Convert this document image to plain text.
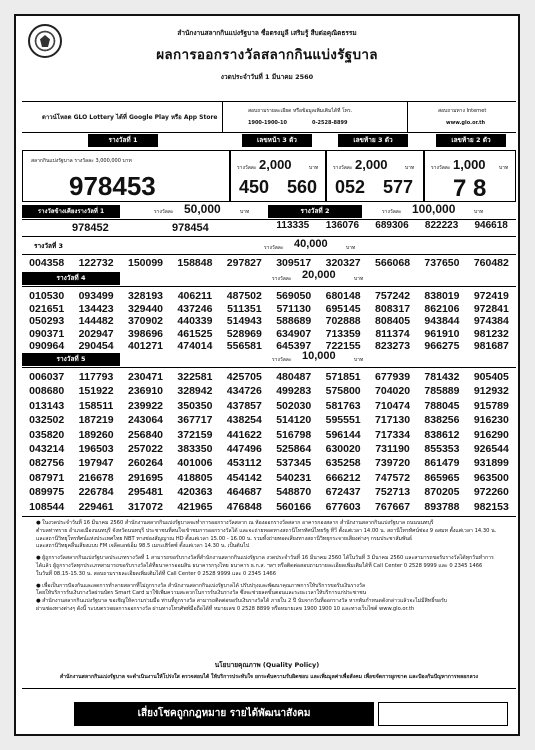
สำนักงานสลากกินแบ่งรัฐบาล ซื่อตรงมูลี เสริมรู้ สืบต่อคุณิตธรรม
ผลการออกรางวัลสลากกินแบ่งรัฐบาล
งวดประจำวันที่ 1 มีนาคม 2560
ดาวน์โหลด GLO Lottery ได้ที่ Google Play หรือ App Store
สอบถามรายละเอียด หรือข้อมูลเพิ่มเติมได้ที่ โทร.
1900-1900-10	0-2528-8899
สอบถามทาง Internet
www.glo.or.th
รางวัลที่ 1	เลขหน้า 3 ตัว	เลขท้าย 3 ตัว	เลขท้าย 2 ตัว
สลากกินแบ่งรัฐบาล รางวัลละ 3,000,000 บาท
978453
รางวัลละ 2,000	บาท
450 560
รางวัลละ 2,000	บาท
052 577
รางวัลละ 1,000	บาท
7 8
รางวัลข้างเคียงรางวัลที่ 1	รางวัลละ 50,000	บาท	รางวัลที่ 2	รางวัลละ 100,000	บาท
978452	978454	113335	136076	689306	822223	946618
รางวัลที่ 3	รางวัลละ 40,000	บาท
004358	122732	150099	158848	297827	309517	320327	566068	737650	760482
รางวัลที่ 4	รางวัลละ 20,000	บาท
010530	093499	328193	406211	487502	569050	680148	757242	838019	972419
021651	134423	329440	437246	511351	571130	695145	808317	862106	972841
050293	144482	370902	440339	514943	588689	702888	808405	943844	974384
090371	202947	398696	461525	528969	634907	713359	811374	961910	981232
090964	290454	401271	474014	556581	645397	722155	823273	966275	981687
รางวัลที่ 5	รางวัลละ 10,000	บาท
006037	117793	230471	322581	425705	480487	571851	677939	781432	905405
008680	151922	236910	328942	434726	499283	575800	704020	785889	912932
013143	158511	239922	350350	437857	502030	581763	710474	788045	915789
032502	187219	243064	367717	438254	514120	595551	717130	838256	916230
035820	189260	256840	372159	441622	516798	596144	717334	838612	916290
043214	196503	257022	383350	447496	525864	630020	731190	855353	926544
082756	197947	260264	401006	453112	537345	635258	739720	861479	931899
087971	216678	291695	418805	454142	540231	666212	747572	865965	963500
089975	226784	295481	420363	464687	548870	672437	752713	870205	972260
108544	229461	317072	421965	476848	560166	677603	767667	893788	982153
● ในงวดประจำวันที่ 16 มีนาคม 2560 สำนักงานสลากกินแบ่งรัฐบาลจะทำการออกรางวัลสลาก ณ ห้องออกรางวัลสลาก อาคารกองสลาก สำนักงานสลากกินแบ่งรัฐบาล ถนนนนทบุรี
ตำบลท่าทราย อำเภอเมืองนนทบุรี จังหวัดนนทบุรี ประชาชนที่สนใจเข้าชมการออกรางวัลได้ และจะถ่ายทอดทางสถานีโทรทัศน์ไทยรัฐ ทีวี ตั้งแต่เวลา 14.00 น. สถานีโทรทัศน์ช่อง 9 อสมท ตั้งแต่เวลา 14.30 น.
และสถานีวิทยุโทรทัศน์แห่งประเทศไทย NBT ทางช่องสัญญาณ HD ตั้งแต่เวลา 15.00 - 16.00 น. รวมทั้งถ่ายทอดเสียงทางสถานีวิทยุกระจายเสียงต่างๆ กรมประชาสัมพันธ์
และสถานีวิทยุคลื่นเสียงแบบ FM เจลีดเอฟเอ็ม 98.5 เมกะเฮิร์ตซ์ ตั้งแต่เวลา 14.30 น. เป็นต้นไป
● ผู้ถูกรางวัลสลากกินแบ่งรัฐบาลประเภทรางวัลที่ 1 สามารถขอรับรางวัลที่สำนักงานสลากกินแบ่งรัฐบาล งวดประจำวันที่ 16 มีนาคม 2560 ได้ในวันที่ 3 มีนาคม 2560 และสามารถขอรับรางวัลได้ทุกวันทำการ
ได้แล้ว ผู้ถูกรางวัลทุกประเภทสามารถขอรับรางวัลได้ที่ธนาคารออมสิน ธนาคารกรุงไทย ธนาคาร ธ.ก.ส. ฯลฯ หรือติดต่อสอบถามรายละเอียดเพิ่มเติมได้ที่ Call Center 0 2528 9999 และ 0 2345 1466
ในวันที่ 08.15-15.30 น. สอบถามรายละเอียดเพิ่มเติมได้ที่ Call Center 0 2528 9999 และ 0 2345 1466
● เพื่อเป็นการป้องกันและลดการทำลายสลากที่ไม่ถูกรางวัล สำนักงานสลากกินแบ่งรัฐบาลได้ ปรับปรุงและพัฒนาคุณภาพการให้บริการขอรับเงินรางวัล
โดยให้บริการรับเงินรางวัลผ่านบัตร Smart Card มาใช้เพิ่มความสะดวกในการรับเงินรางวัล ซึ่งจะช่วยลดขั้นตอนและระยะเวลาให้บริการแก่ประชาชน
● สำนักงานสลากกินแบ่งรัฐบาล ขอเชิญให้ความร่วมมือ ท่านที่ถูกรางวัล สามารถติดต่อขอรับเงินรางวัลได้ ภายใน 2 ปี นับจากวันที่ออกรางวัล หากพ้นกำหนดดังกล่าวแล้วจะไม่มีสิทธิ์ขอรับ
ผ่านช่องทางต่างๆ ดังนี้ ระบบตรวจผลการออกรางวัล ผ่านทางโทรศัพท์มือถือได้ที่ หมายเลข 0 2528 8899 หรือหมายเลข 1900 1900 10 และทางเว็บไซต์ www.glo.or.th
นโยบายคุณภาพ (Quality Policy)
สำนักงานสลากกินแบ่งรัฐบาล จะดำเนินงานให้โปร่งใส ตรวจสอบได้ ให้บริการประทับใจ ยกระดับความรับผิดชอบ และเพิ่มมูลค่าเพื่อสังคม เพื่อขจัดการผูกขาด และป้องกันปัญหาการหลอกลวง
เสี่ยงโชคถูกกฎหมาย รายได้พัฒนาสังคม
